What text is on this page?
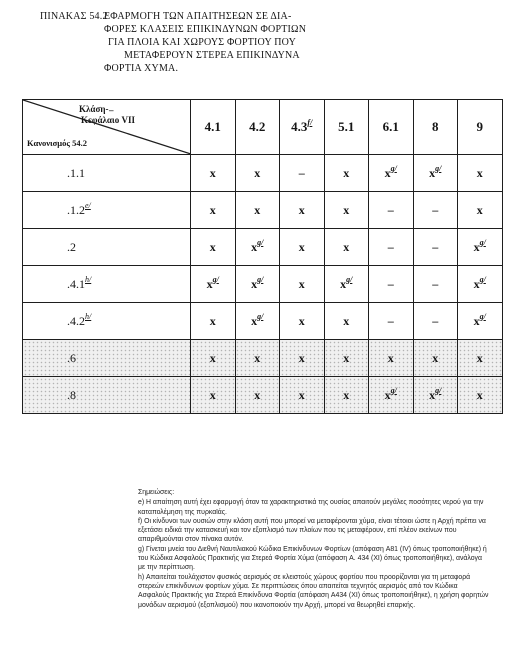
ΠΙΝΑΚΑΣ 54.2
ΕΦΑΡΜΟΓΗ ΤΩΝ ΑΠΑΙΤΗΣΕΩΝ ΣΕ ΔΙΑ-
ΦΟΡΕΣ ΚΛΑΣΕΙΣ ΕΠΙΚΙΝΔΥΝΩΝ ΦΟΡΤΙΩΝ
ΓΙΑ ΠΛΟΙΑ ΚΑΙ ΧΩΡΟΥΣ ΦΟΡΤΙΟΥ ΠΟΥ
ΜΕΤΑΦΕΡΟΥΝ ΣΤΕΡΕΑ ΕΠΙΚΙΝΔΥΝΑ
ΦΟΡΤΙΑ ΧΥΜΑ.
Κλάση- –
Κεφάλαιο VII
Κανονισμός 54.2	4.1	4.2	$4.3^{f/}$	5.1	6.1	8	9
.1.1	x	x	–	x	$x^{g/}$	$x^{g/}$	x
$.1.2^{e/}$	x	x	x	x	–	–	x
.2	x	$x^{g/}$	x	x	–	–	$x^{g/}$
$.4.1^{h/}$	$x^{g/}$	$x^{g/}$	x	$x^{g/}$	–	–	$x^{g/}$
$.4.2^{h/}$	x	$x^{g/}$	x	x	–	–	$x^{g/}$
.6	x	x	x	x	x	x	x
.8	x	x	x	x	$x^{g/}$	$x^{g/}$	x

Σημειώσεις:

e) Η απαίτηση αυτή έχει εφαρμογή όταν τα χαρακτηριστικά της ουσίας απαιτούν μεγάλες ποσότητες νερού για την καταπολέμηση της πυρκαϊάς.

f) Οι κίνδυνοι των ουσιών στην κλάση αυτή που μπορεί να μεταφέρονται χύμα, είναι τέτοιοι ώστε η Αρχή πρέπει να εξετάσει ειδικά την κατασκευή και τον εξοπλισμό των πλοίων που τις μεταφέρουν, επί πλέον εκείνων που απαριθμούνται στον πίνακα αυτόν.

g) Γίνεται μνεία του Διεθνή Ναυτιλιακού Κώδικα Επικίνδυνων Φορτίων (απόφαση A81 (IV) όπως τροποποιήθηκε) ή του Κώδικα Ασφαλούς Πρακτικής για Στερεά Φορτία Χύμα (απόφαση A. 434 (XI) όπως τροποποιήθηκε), ανάλογα με την περίπτωση.

h) Απαιτείται τουλάχιστον φυσικός αερισμός σε κλειστούς χώρους φορτίου που προορίζονται για τη μεταφορά στερεών επικίνδυνων φορτίων χύμα. Σε περιπτώσεις όπου απαιτείται τεχνητός αερισμός από τον Κώδικα Ασφαλούς Πρακτικής για Στερεά Επικίνδυνα Φορτία (απόφαση A434 (XI) όπως τροποποιήθηκε), η χρήση φορητών μονάδων αερισμού (εξοπλισμού) που ικανοποιούν την Αρχή, μπορεί να θεωρηθεί επαρκής.
